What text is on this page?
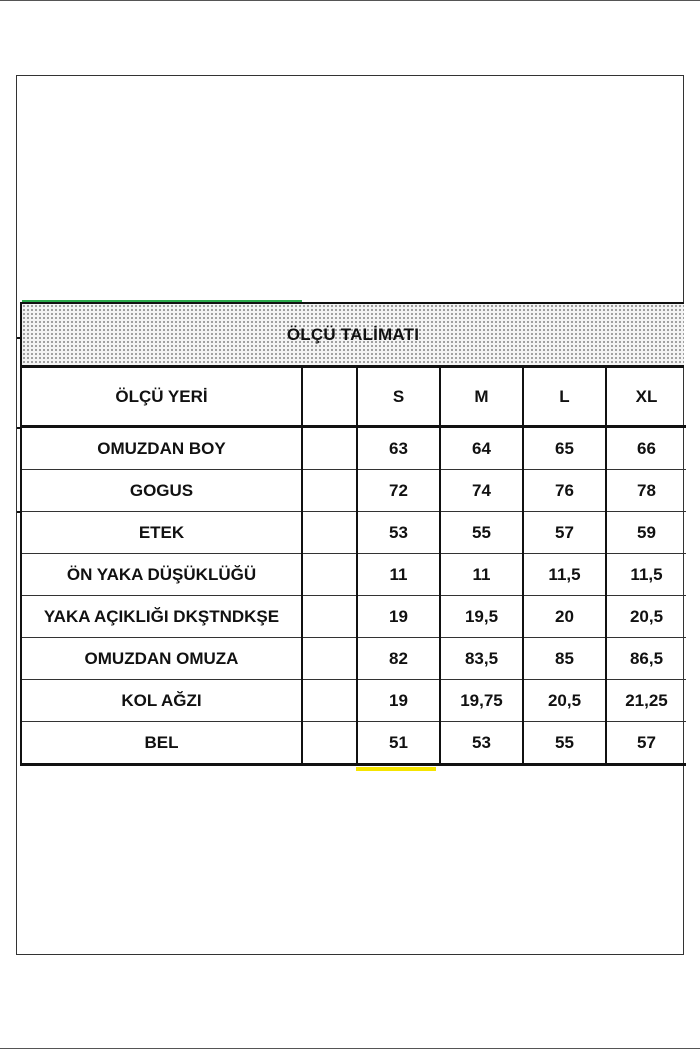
ÖLÇÜ TALİMATI
ÖLÇÜ YERİ		S	M	L	XL
OMUZDAN BOY		63	64	65	66
GOGUS		72	74	76	78
ETEK		53	55	57	59
ÖN YAKA DÜŞÜKLÜĞÜ		11	11	11,5	11,5
YAKA AÇIKLIĞI DKŞTNDKŞE		19	19,5	20	20,5
OMUZDAN OMUZA		82	83,5	85	86,5
KOL AĞZI		19	19,75	20,5	21,25
BEL		51	53	55	57
